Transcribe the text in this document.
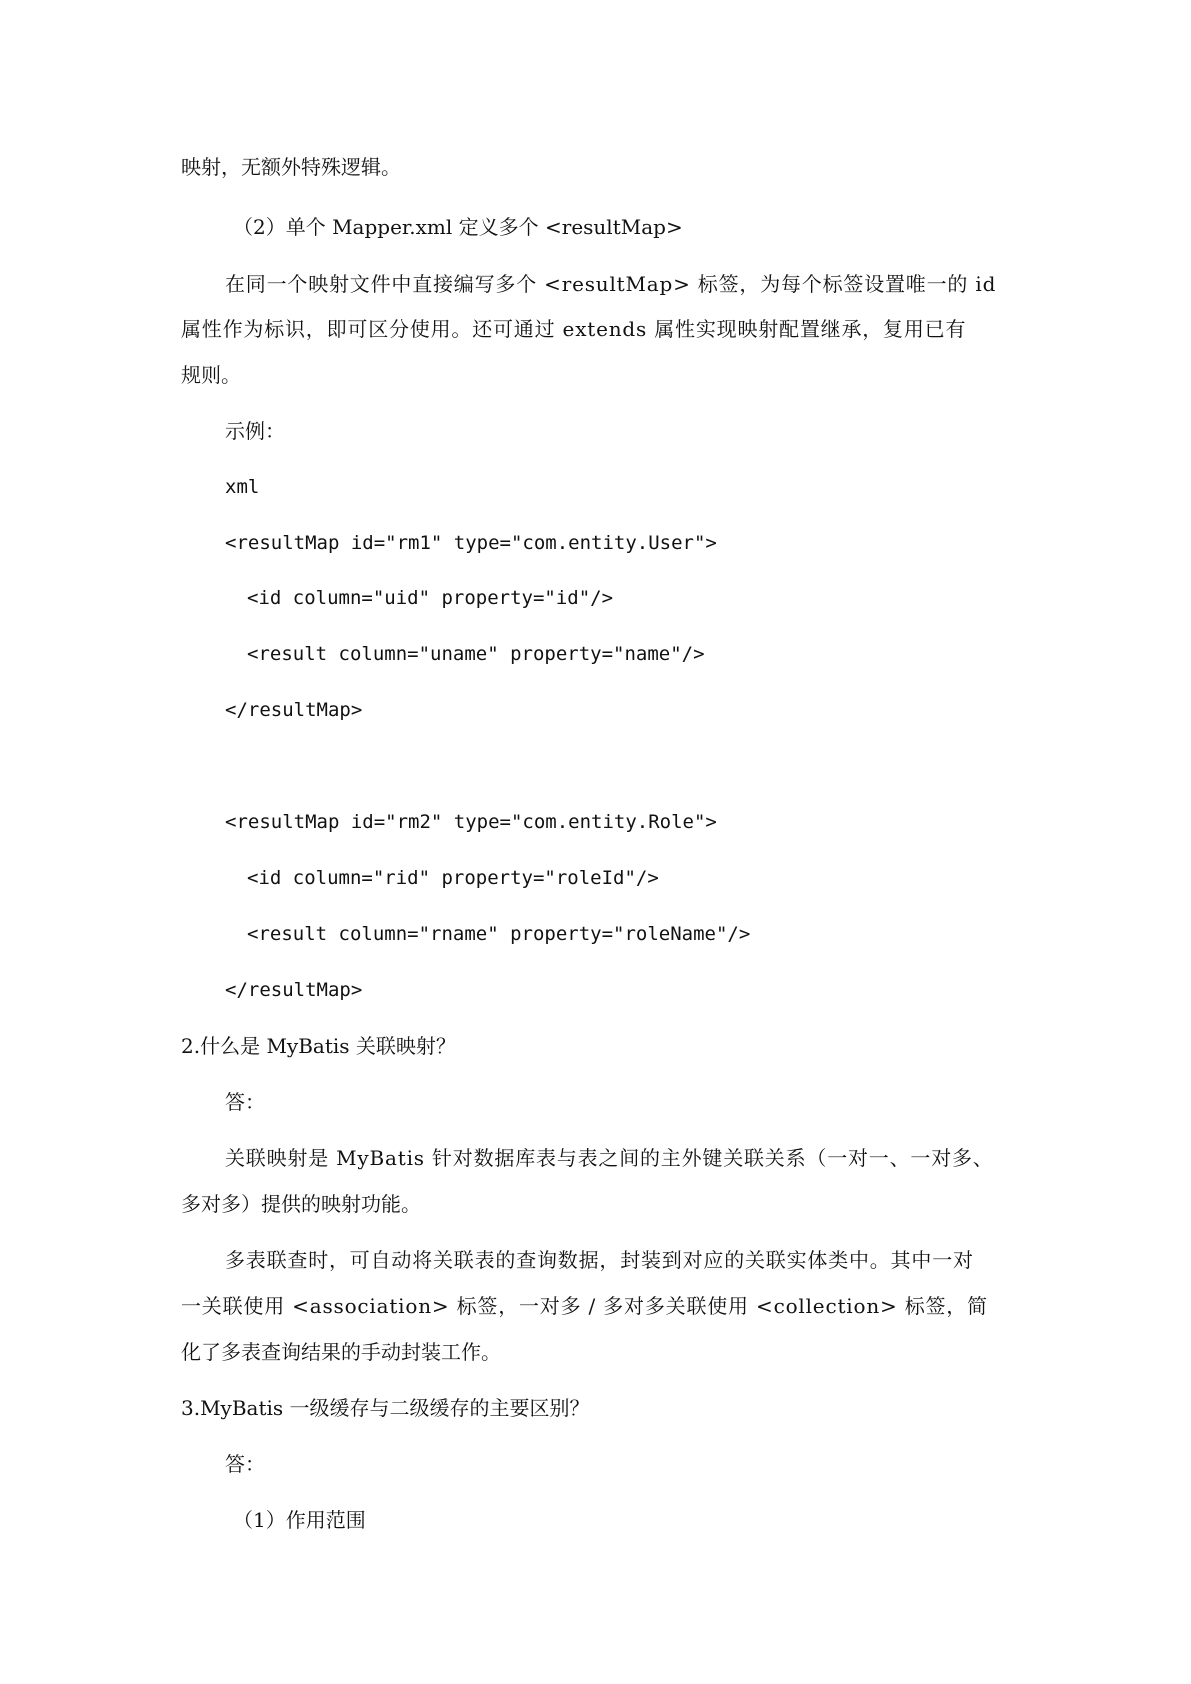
映射，无额外特殊逻辑。

（2）单个 Mapper.xml 定义多个 <resultMap>

在同一个映射文件中直接编写多个 <resultMap> 标签，为每个标签设置唯一的 id

属性作为标识，即可区分使用。还可通过 extends 属性实现映射配置继承，复用已有

规则。

示例：

xml

<resultMap id="rm1" type="com.entity.User">

<id column="uid" property="id"/>

<result column="uname" property="name"/>

</resultMap>

<resultMap id="rm2" type="com.entity.Role">

<id column="rid" property="roleId"/>

<result column="rname" property="roleName"/>

</resultMap>

2.什么是 MyBatis 关联映射？

答：

关联映射是 MyBatis 针对数据库表与表之间的主外键关联关系（一对一、一对多、

多对多）提供的映射功能。

多表联查时，可自动将关联表的查询数据，封装到对应的关联实体类中。其中一对

一关联使用 <association> 标签，一对多 / 多对多关联使用 <collection> 标签，简

化了多表查询结果的手动封装工作。

3.MyBatis 一级缓存与二级缓存的主要区别？

答：

（1）作用范围
